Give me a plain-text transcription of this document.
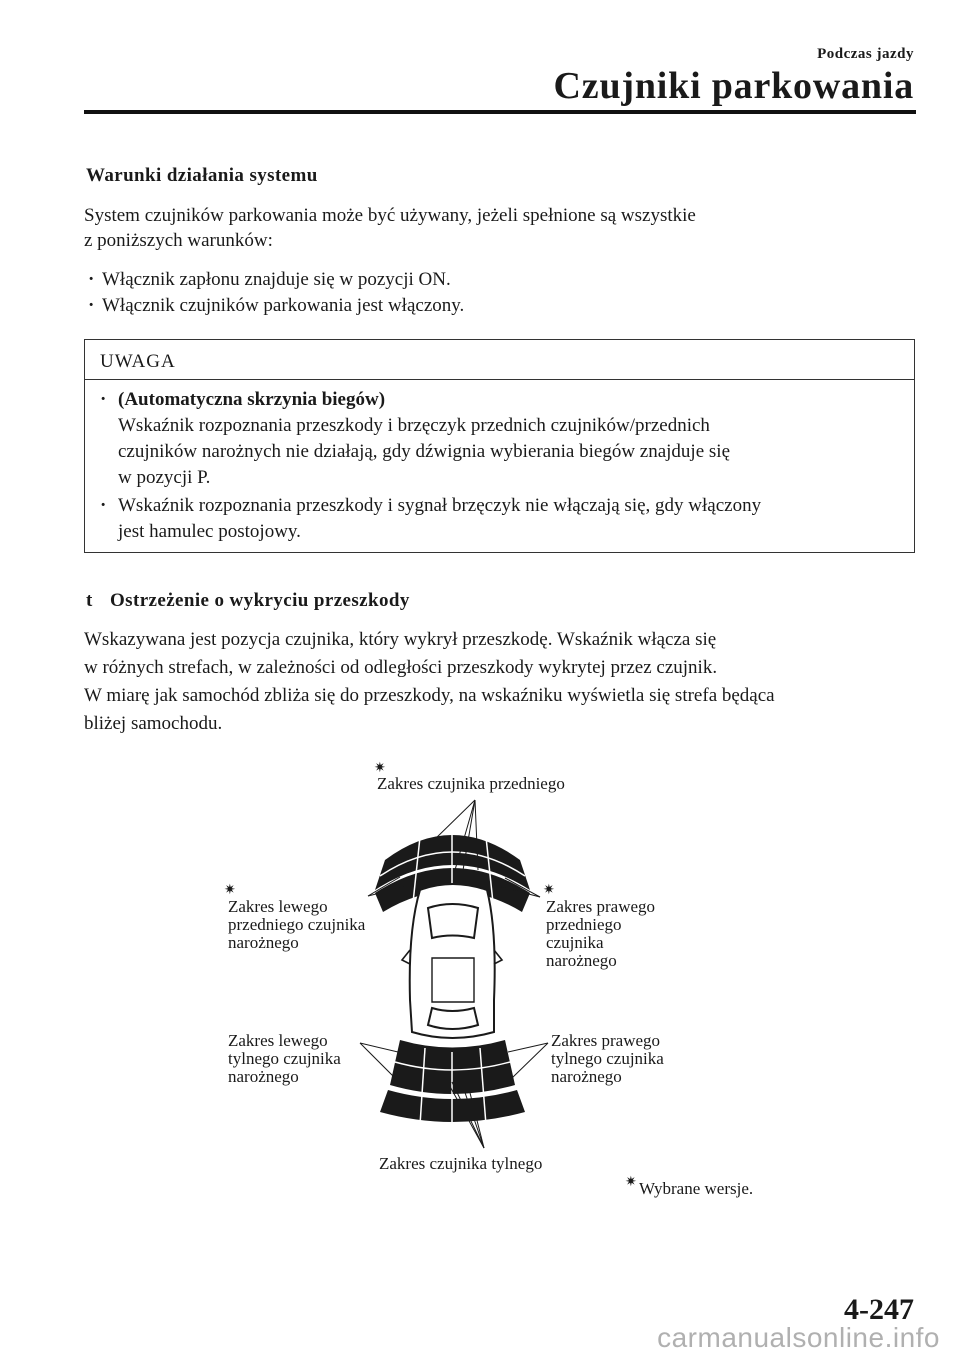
Podczas jazdy
Czujniki parkowania
Warunki działania systemu
System czujników parkowania może być używany, jeżeli spełnione są wszystkie
z poniższych warunków:
· Włącznik zapłonu znajduje się w pozycji ON.
· Włącznik czujników parkowania jest włączony.
UWAGA
· (Automatyczna skrzynia biegów)
Wskaźnik rozpoznania przeszkody i brzęczyk przednich czujników/przednich
czujników narożnych nie działają, gdy dźwignia wybierania biegów znajduje się
w pozycji P.
· Wskaźnik rozpoznania przeszkody i sygnał brzęczyk nie włączają się, gdy włączony
jest hamulec postojowy.
t Ostrzeżenie o wykryciu przeszkody
Wskazywana jest pozycja czujnika, który wykrył przeszkodę. Wskaźnik włącza się
w różnych strefach, w zależności od odległości przeszkody wykrytej przez czujnik.
W miarę jak samochód zbliża się do przeszkody, na wskaźniku wyświetla się strefa będąca
bliżej samochodu.
✷
Zakres czujnika przedniego
✷
Zakres lewego
przedniego czujnika
narożnego
✷
Zakres prawego
przedniego
czujnika
narożnego
Zakres lewego
tylnego czujnika
narożnego
Zakres prawego
tylnego czujnika
narożnego
Zakres czujnika tylnego
✷ Wybrane wersje.
4-247
carmanualsonline.info
